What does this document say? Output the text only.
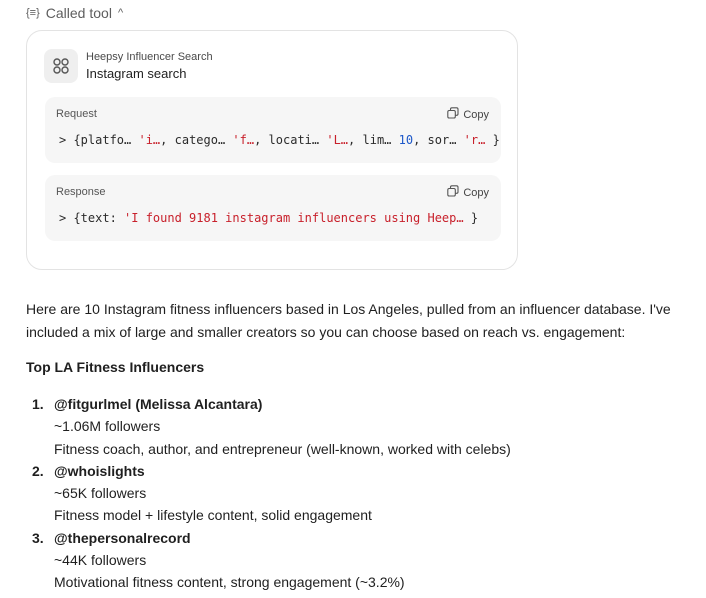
{≡} Called tool ^
Heepsy Influencer Search
Instagram search
Request	Copy
> {platfo… 'i…, catego… 'f…, locati… 'L…, lim… 10, sor… 'r… }
Response	Copy
> {text: 'I found 9181 instagram influencers using Heep… }

Here are 10 Instagram fitness influencers based in Los Angeles, pulled from an influencer database. I've included a mix of large and smaller creators so you can choose based on reach vs. engagement:

Top LA Fitness Influencers
1. @fitgurlmel (Melissa Alcantara)
~1.06M followers
Fitness coach, author, and entrepreneur (well-known, worked with celebs)
2. @whoislights
~65K followers
Fitness model + lifestyle content, solid engagement
3. @thepersonalrecord
~44K followers
Motivational fitness content, strong engagement (~3.2%)
